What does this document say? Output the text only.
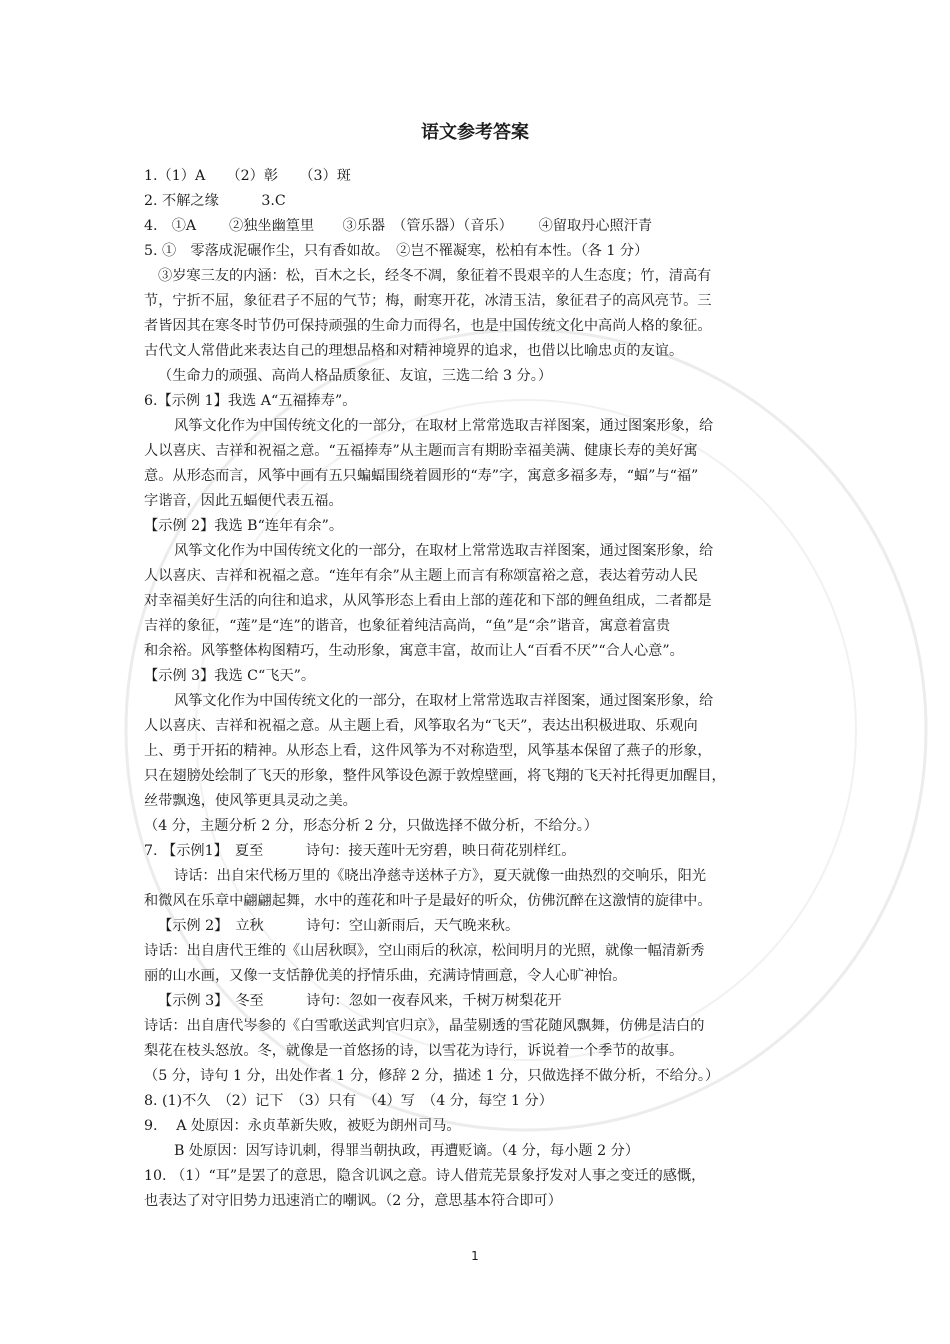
语文参考答案
1.（1）A　　（2）彰　　（3）斑
2. 不解之缘　　　3.C
4.　①A　　 ②独坐幽篁里　　③乐器　（管乐器）（音乐）　　 ④留取丹心照汗青
5. ①　零落成泥碾作尘，只有香如故。　②岂不罹凝寒，松柏有本性。（各 1 分）
③岁寒三友的内涵：松，百木之长，经冬不凋，象征着不畏艰辛的人生态度；竹，清高有
节，宁折不屈，象征君子不屈的气节；梅，耐寒开花，冰清玉洁，象征君子的高风亮节。三
者皆因其在寒冬时节仍可保持顽强的生命力而得名，也是中国传统文化中高尚人格的象征。
古代文人常借此来表达自己的理想品格和对精神境界的追求，也借以比喻忠贞的友谊。
（生命力的顽强、高尚人格品质象征、友谊，三选二给 3 分。）
6.【示例 1】我选 A“五福捧寿”。
风筝文化作为中国传统文化的一部分，在取材上常常选取吉祥图案，通过图案形象，给
人以喜庆、吉祥和祝福之意。“五福捧寿”从主题而言有期盼幸福美满、健康长寿的美好寓
意。从形态而言，风筝中画有五只蝙蝠围绕着圆形的“寿”字，寓意多福多寿，“蝠”与“福”
字谐音，因此五蝠便代表五福。
【示例 2】我选 B“连年有余”。
风筝文化作为中国传统文化的一部分，在取材上常常选取吉祥图案，通过图案形象，给
人以喜庆、吉祥和祝福之意。“连年有余”从主题上而言有称颂富裕之意，表达着劳动人民
对幸福美好生活的向往和追求，从风筝形态上看由上部的莲花和下部的鲤鱼组成，二者都是
吉祥的象征，“莲”是“连”的谐音，也象征着纯洁高尚，“鱼”是“余”谐音，寓意着富贵
和余裕。风筝整体构图精巧，生动形象，寓意丰富，故而让人“百看不厌”“合人心意”。
【示例 3】我选 C“飞天”。
风筝文化作为中国传统文化的一部分，在取材上常常选取吉祥图案，通过图案形象，给
人以喜庆、吉祥和祝福之意。从主题上看，风筝取名为“飞天”，表达出积极进取、乐观向
上、勇于开拓的精神。从形态上看，这件风筝为不对称造型，风筝基本保留了燕子的形象，
只在翅膀处绘制了飞天的形象，整件风筝设色源于敦煌壁画，将飞翔的飞天衬托得更加醒目，
丝带飘逸，使风筝更具灵动之美。
（4 分，主题分析 2 分，形态分析 2 分，只做选择不做分析，不给分。）
7. 【示例1】　夏至　　　诗句：接天莲叶无穷碧，映日荷花别样红。
诗话：出自宋代杨万里的《晓出净慈寺送林子方》，夏天就像一曲热烈的交响乐，阳光
和微风在乐章中翩翩起舞，水中的莲花和叶子是最好的听众，仿佛沉醉在这激情的旋律中。
【示例 2】　立秋　　　诗句：空山新雨后，天气晚来秋。
诗话：出自唐代王维的《山居秋暝》，空山雨后的秋凉，松间明月的光照，就像一幅清新秀
丽的山水画，又像一支恬静优美的抒情乐曲，充满诗情画意，令人心旷神怡。
【示例 3】　冬至　　　诗句：忽如一夜春风来，千树万树梨花开
诗话：出自唐代岑参的《白雪歌送武判官归京》，晶莹剔透的雪花随风飘舞，仿佛是洁白的
梨花在枝头怒放。冬，就像是一首悠扬的诗，以雪花为诗行，诉说着一个季节的故事。
（5 分，诗句 1 分，出处作者 1 分，修辞 2 分，描述 1 分，只做选择不做分析，不给分。）
8. (1)不久　（2）记下　（3）只有　（4）写　（4 分，每空 1 分）
9.　 A 处原因：永贞革新失败，被贬为朗州司马。
B 处原因：因写诗讥刺，得罪当朝执政，再遭贬谪。（4 分，每小题 2 分）
10. （1）“耳”是罢了的意思，隐含讥讽之意。诗人借荒芜景象抒发对人事之变迁的感慨，
也表达了对守旧势力迅速消亡的嘲讽。（2 分，意思基本符合即可）
1
